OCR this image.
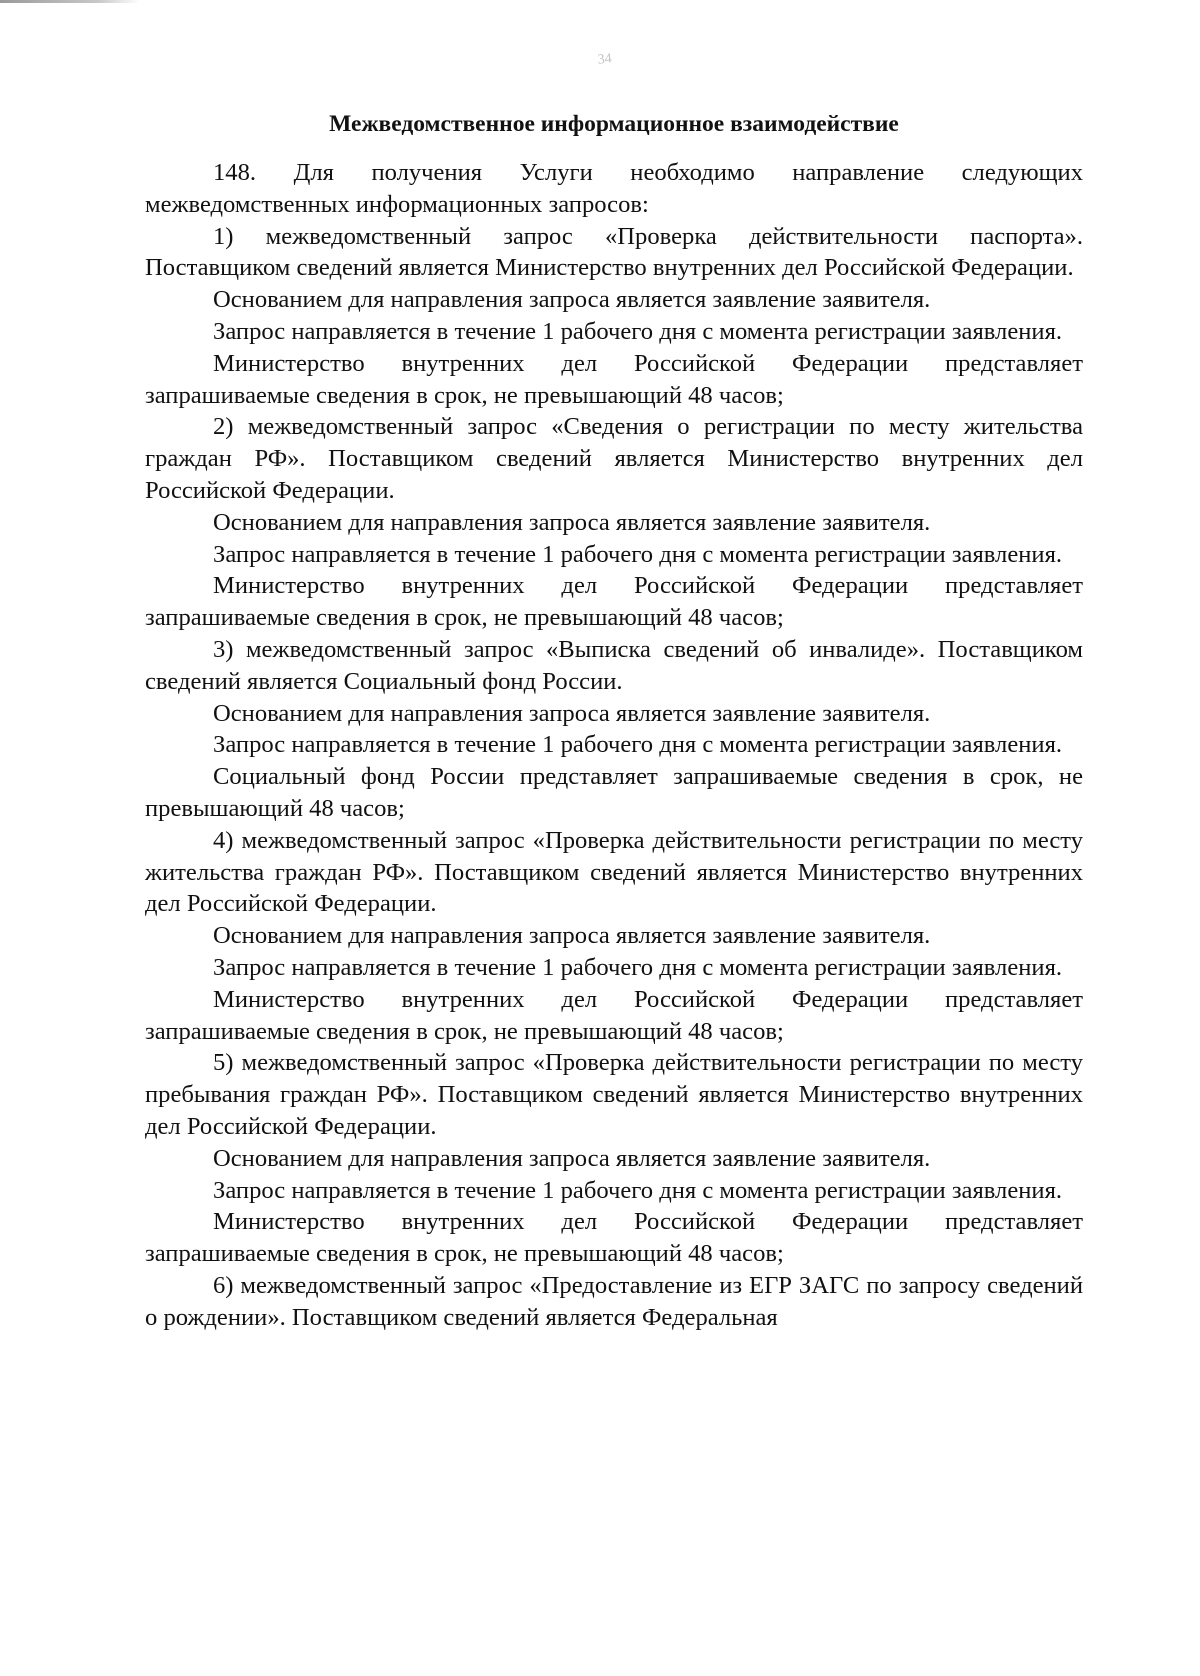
34
Межведомственное информационное взаимодействие

148. Для получения Услуги необходимо направление следующих межведомственных информационных запросов:

1) межведомственный запрос «Проверка действительности паспорта». Поставщиком сведений является Министерство внутренних дел Российской Федерации.

Основанием для направления запроса является заявление заявителя.

Запрос направляется в течение 1 рабочего дня с момента регистрации заявления.

Министерство внутренних дел Российской Федерации представляет запрашиваемые сведения в срок, не превышающий 48 часов;

2) межведомственный запрос «Сведения о регистрации по месту жительства граждан РФ». Поставщиком сведений является Министерство внутренних дел Российской Федерации.

Основанием для направления запроса является заявление заявителя.

Запрос направляется в течение 1 рабочего дня с момента регистрации заявления.

Министерство внутренних дел Российской Федерации представляет запрашиваемые сведения в срок, не превышающий 48 часов;

3) межведомственный запрос «Выписка сведений об инвалиде». Поставщиком сведений является Социальный фонд России.

Основанием для направления запроса является заявление заявителя.

Запрос направляется в течение 1 рабочего дня с момента регистрации заявления.

Социальный фонд России представляет запрашиваемые сведения в срок, не превышающий 48 часов;

4) межведомственный запрос «Проверка действительности регистрации по месту жительства граждан РФ». Поставщиком сведений является Министерство внутренних дел Российской Федерации.

Основанием для направления запроса является заявление заявителя.

Запрос направляется в течение 1 рабочего дня с момента регистрации заявления.

Министерство внутренних дел Российской Федерации представляет запрашиваемые сведения в срок, не превышающий 48 часов;

5) межведомственный запрос «Проверка действительности регистрации по месту пребывания граждан РФ». Поставщиком сведений является Министерство внутренних дел Российской Федерации.

Основанием для направления запроса является заявление заявителя.

Запрос направляется в течение 1 рабочего дня с момента регистрации заявления.

Министерство внутренних дел Российской Федерации представляет запрашиваемые сведения в срок, не превышающий 48 часов;

6) межведомственный запрос «Предоставление из ЕГР ЗАГС по запросу сведений о рождении». Поставщиком сведений является Федеральная
